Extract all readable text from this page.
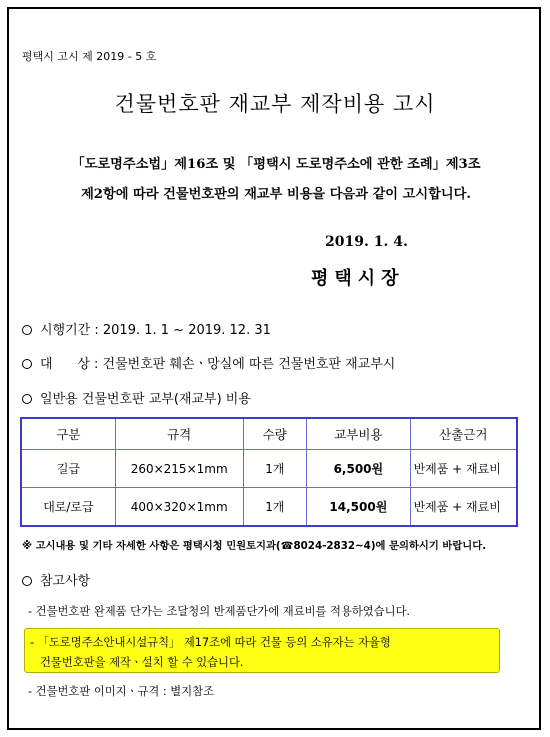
평택시 고시 제 2019 - 5 호
건물번호판 재교부 제작비용 고시
「도로명주소법」제16조 및 「평택시 도로명주소에 관한 조례」제3조
제2항에 따라 건물번호판의 재교부 비용을 다음과 같이 고시합니다.
2019. 1. 4.
평택시장
시행기간 : 2019. 1. 1 ~ 2019. 12. 31
대      상 : 건물번호판 훼손ㆍ망실에 따른 건물번호판 재교부시
일반용 건물번호판 교부(재교부) 비용
구분	규격	수량	교부비용	산출근거
길급	260×215×1mm	1개	6,500원	반제품 + 재료비
대로/로급	400×320×1mm	1개	14,500원	반제품 + 재료비
※ 고시내용 및 기타 자세한 사항은 평택시청 민원토지과(☎8024-2832~4)에 문의하시기 바랍니다.
참고사항
- 건물번호판 완제품 단가는 조달청의 반제품단가에 재료비를 적용하였습니다.
- 「도로명주소안내시설규칙」 제17조에 따라 건물 등의 소유자는 자율형
건물번호판을 제작ㆍ설치 할 수 있습니다.
- 건물번호판 이미지ㆍ규격 : 별지참조
